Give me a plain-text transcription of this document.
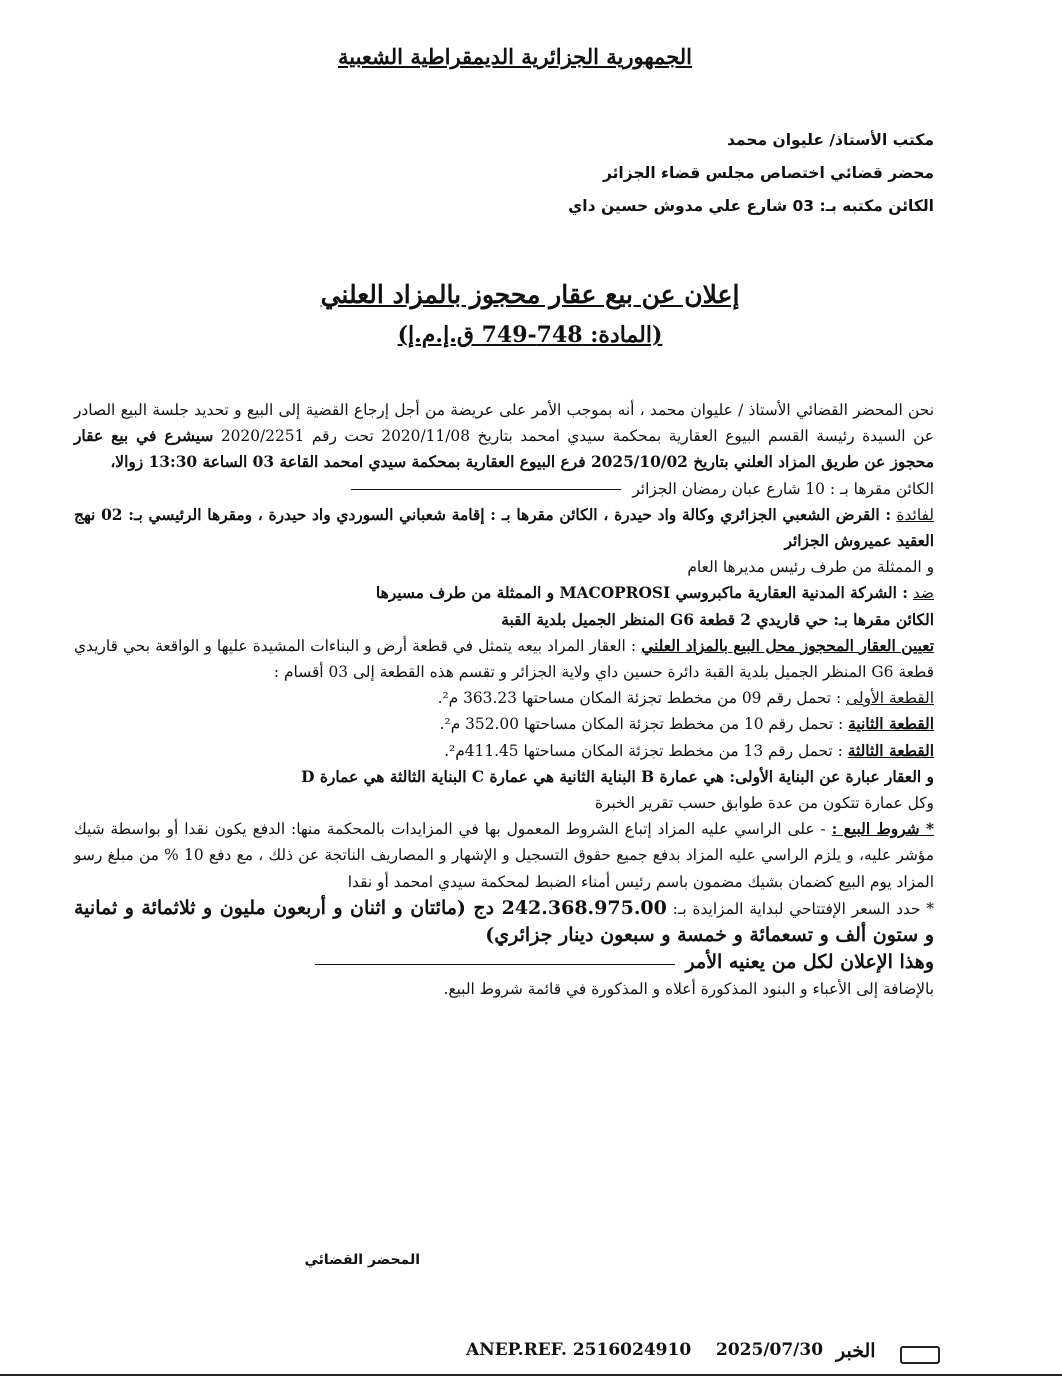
الجمهورية الجزائرية الديمقراطية الشعبية
مكتب الأستاذ/ عليوان محمد
محضر قضائي اختصاص مجلس قضاء الجزائر
الكائن مكتبه بـ: 03 شارع علي مدوش حسين داي
إعلان عن بيع عقار محجوز بالمزاد العلني
(المادة: 748-749 ق.إ.م.إ)

نحن المحضر القضائي الأستاذ / عليوان محمد ، أنه بموجب الأمر على عريضة من أجل إرجاع القضية إلى البيع و تحديد جلسة البيع الصادر عن السيدة رئيسة القسم البيوع العقارية بمحكمة سيدي امحمد بتاريخ 2020/11/08 تحت رقم 2020/2251 سيشرع في بيع عقار محجوز عن طريق المزاد العلني بتاريخ 2025/10/02 فرع البيوع العقارية بمحكمة سيدي امحمد القاعة 03 الساعة 13:30 زوالا،

الكائن مقرها بـ : 10 شارع عبان رمضان الجزائر

لفائدة : القرض الشعبي الجزائري وكالة واد حيدرة ، الكائن مقرها بـ : إقامة شعباني السوردي واد حيدرة ، ومقرها الرئيسي بـ: 02 نهج العقيد عميروش الجزائر

و الممثلة من طرف رئيس مديرها العام

ضد : الشركة المدنية العقارية ماكبروسي MACOPROSI و الممثلة من طرف مسيرها

الكائن مقرها بـ: حي قاريدي 2 قطعة G6 المنظر الجميل بلدية القبة

تعيين العقار المحجوز محل البيع بالمزاد العلني : العقار المراد بيعه يتمثل في قطعة أرض و البناءات المشيدة عليها و الواقعة بحي قاريدي قطعة G6 المنظر الجميل بلدية القبة دائرة حسين داي ولاية الجزائر و تقسم هذه القطعة إلى 03 أقسام :

القطعة الأولى : تحمل رقم 09 من مخطط تجزئة المكان مساحتها 363.23 م².

القطعة الثانية : تحمل رقم 10 من مخطط تجزئة المكان مساحتها 352.00 م².

القطعة الثالثة : تحمل رقم 13 من مخطط تجزئة المكان مساحتها 411.45م².

و العقار عبارة عن البناية الأولى: هي عمارة B البناية الثانية هي عمارة C البناية الثالثة هي عمارة D

وكل عمارة تتكون من عدة طوابق حسب تقرير الخبرة

* شروط البيع : - على الراسي عليه المزاد إتباع الشروط المعمول بها في المزايدات بالمحكمة منها: الدفع يكون نقدا أو بواسطة شيك مؤشر عليه، و يلزم الراسي عليه المزاد بدفع جميع حقوق التسجيل و الإشهار و المصاريف الناتجة عن ذلك ، مع دفع 10 % من مبلغ رسو المزاد يوم البيع كضمان بشيك مضمون باسم رئيس أمناء الضبط لمحكمة سيدي امحمد أو نقدا

* حدد السعر الإفتتاحي لبداية المزايدة بـ: 242.368.975.00 دج (مائتان و اثنان و أربعون مليون و ثلاثمائة و ثمانية و ستون ألف و تسعمائة و خمسة و سبعون دينار جزائري)

وهذا الإعلان لكل من يعنيه الأمر

بالإضافة إلى الأعباء و البنود المذكورة أعلاه و المذكورة في قائمة شروط البيع.

المحضر القضائي
ANEP.REF. 2516024910 2025/07/30 الخبر
